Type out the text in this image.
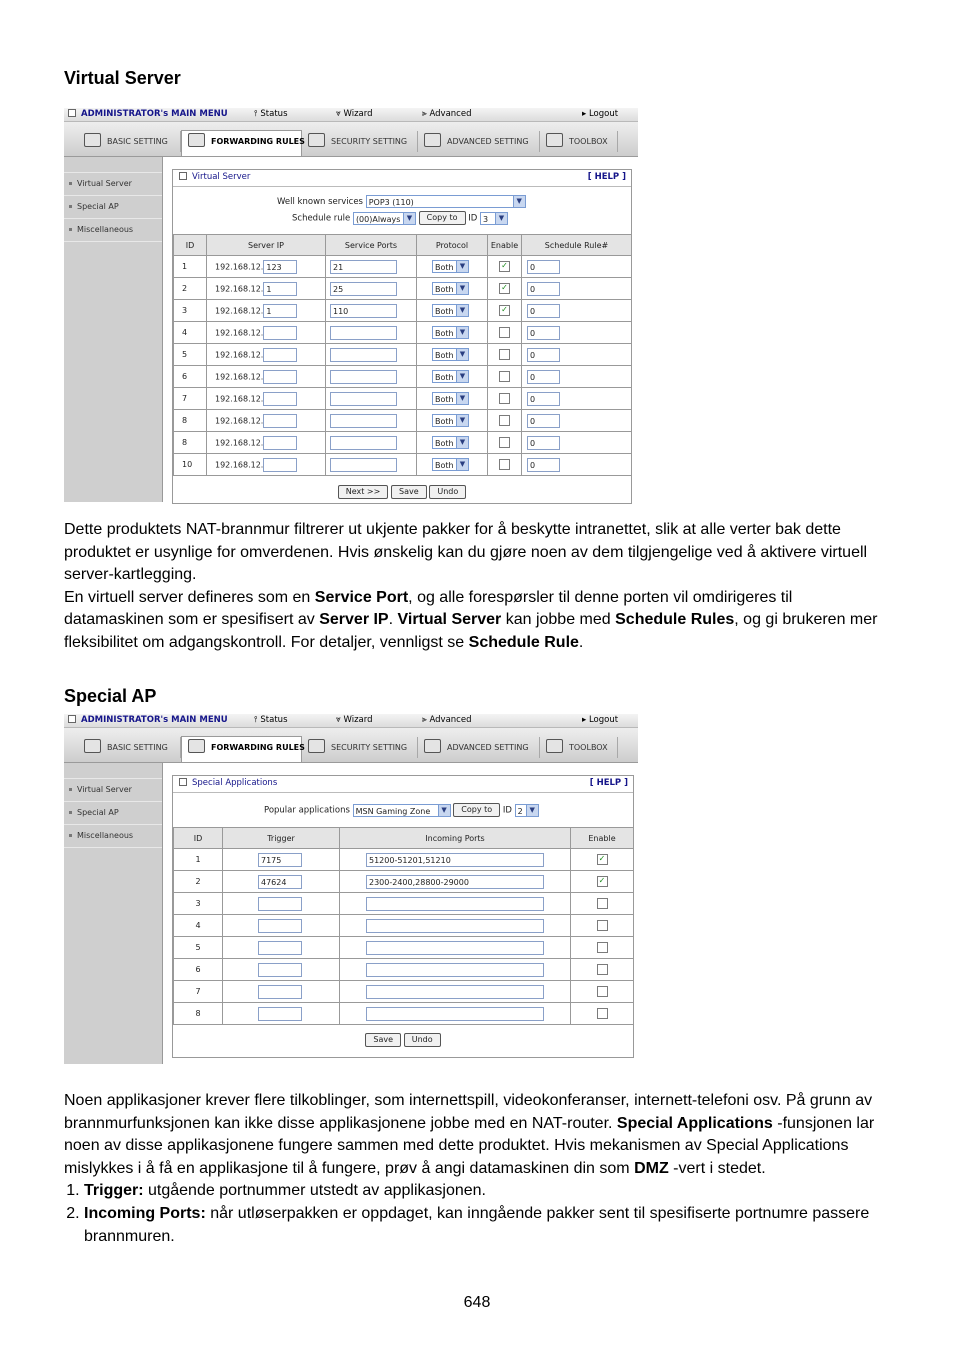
Virtual Server
ADMINISTRATOR's MAIN MENU	⫯ Status	⩔ Wizard	⫸ Advanced	▸ Logout
BASIC SETTING	FORWARDING RULES	SECURITY SETTING	ADVANCED SETTING	TOOLBOX
Virtual Server
Special AP
Miscellaneous
Virtual Server	[ HELP ]
Well known services POP3 (110)	▼
Schedule rule (00)Always ▼	Copy to ID 3	▼
ID	Server IP	Service Ports	Protocol	Enable	Schedule Rule#
1	192.168.12. 123	21	Both ▼	✓	0
2	192.168.12. 1	25	Both ▼	✓	0
3	192.168.12. 1	110	Both ▼	✓	0
4	192.168.12.		Both ▼		0
5	192.168.12.		Both ▼		0
6	192.168.12.		Both ▼		0
7	192.168.12.		Both ▼		0
8	192.168.12.		Both ▼		0
8	192.168.12.		Both ▼		0
10	192.168.12.		Both ▼		0
Next >> Save Undo

Dette produktets NAT-brannmur filtrerer ut ukjente pakker for å beskytte intranettet, slik at alle verter bak dette produktet er usynlige for omverdenen. Hvis ønskelig kan du gjøre noen av dem tilgjengelige ved å aktivere virtuell server-kartlegging.

En virtuell server defineres som en Service Port, og alle forespørsler til denne porten vil omdirigeres til datamaskinen som er spesifisert av Server IP. Virtual Server kan jobbe med Schedule Rules, og gi brukeren mer fleksibilitet om adgangskontroll. For detaljer, vennligst se Schedule Rule.

Special AP
ADMINISTRATOR's MAIN MENU	⫯ Status	⩔ Wizard	⫸ Advanced	▸ Logout
BASIC SETTING	FORWARDING RULES	SECURITY SETTING	ADVANCED SETTING	TOOLBOX
Virtual Server
Special AP
Miscellaneous
Special Applications	[ HELP ]
Popular applications MSN Gaming Zone	▼	Copy to ID 2 ▼
ID	Trigger	Incoming Ports	Enable
1	7175	51200-51201,51210	✓
2	47624	2300-2400,28800-29000	✓
3			
4			
5			
6			
7			
8			
Save Undo

Noen applikasjoner krever flere tilkoblinger, som internettspill, videokonferanser, internett-telefoni osv. På grunn av brannmurfunksjonen kan ikke disse applikasjonene jobbe med en NAT-router. Special Applications -funsjonen lar noen av disse applikasjonene fungere sammen med dette produktet. Hvis mekanismen av Special Applications mislykkes i å få en applikasjone til å fungere, prøv å angi datamaskinen din som DMZ -vert i stedet.

1. Trigger: utgående portnummer utstedt av applikasjonen.
2. Incoming Ports: når utløserpakken er oppdaget, kan inngående pakker sent til spesifiserte portnumre passere brannmuren.
648
